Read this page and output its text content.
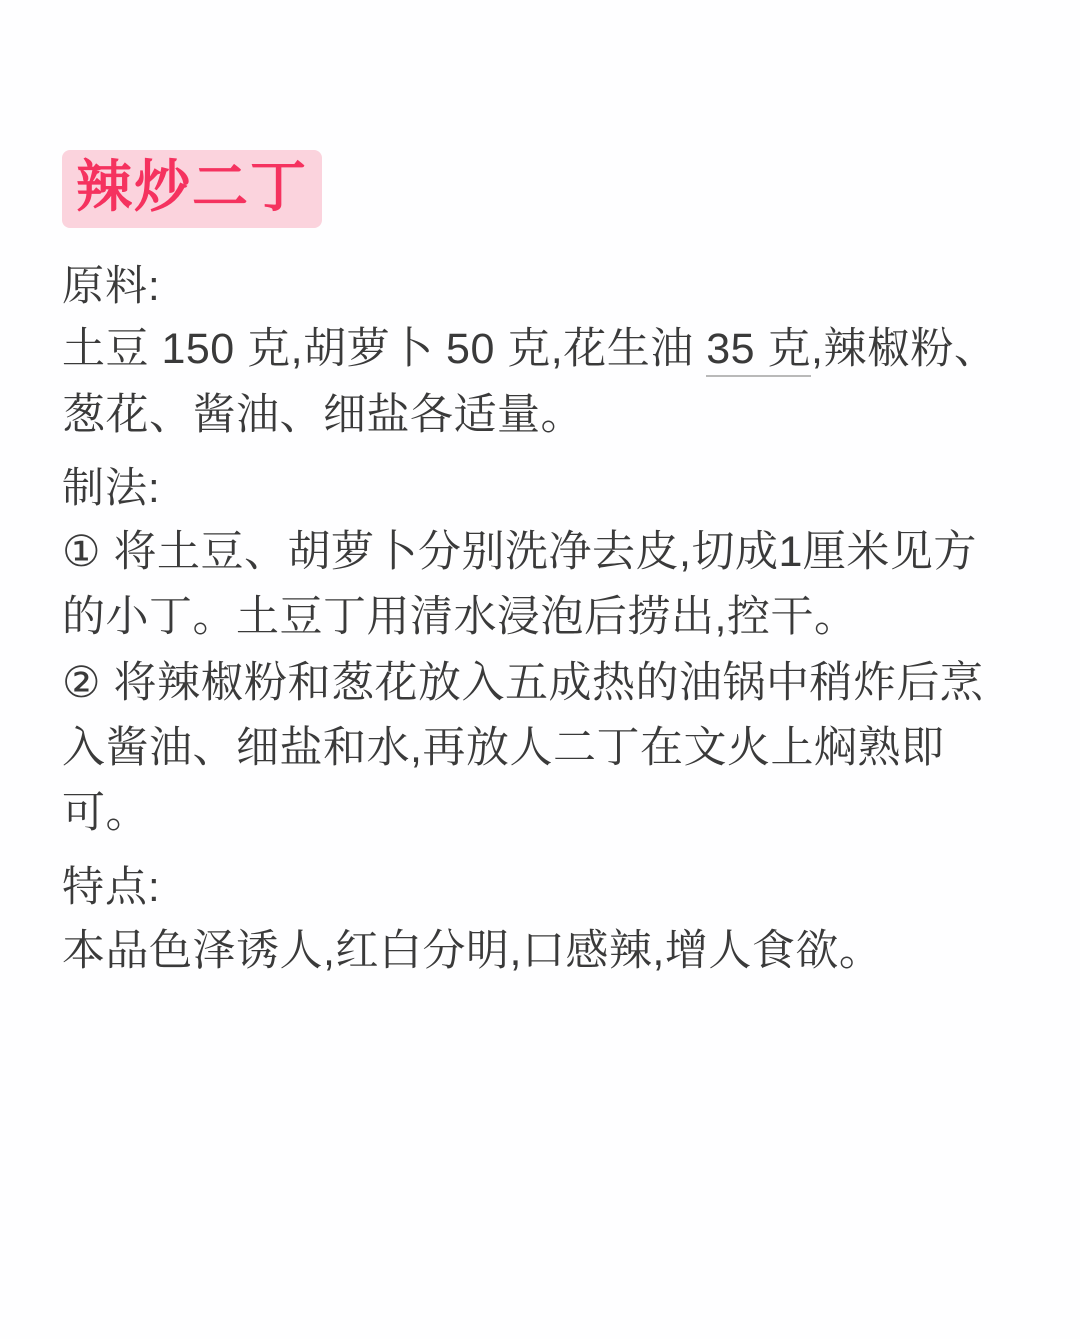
辣炒二丁

原料:

土豆 150 克,胡萝卜 50 克,花生油 35 克,辣椒粉、葱花、酱油、细盐各适量。

制法:

① 将土豆、胡萝卜分别洗净去皮,切成1厘米见方的小丁。土豆丁用清水浸泡后捞出,控干。

② 将辣椒粉和葱花放入五成热的油锅中稍炸后烹入酱油、细盐和水,再放人二丁在文火上焖熟即可。

特点:

本品色泽诱人,红白分明,口感辣,增人食欲。
